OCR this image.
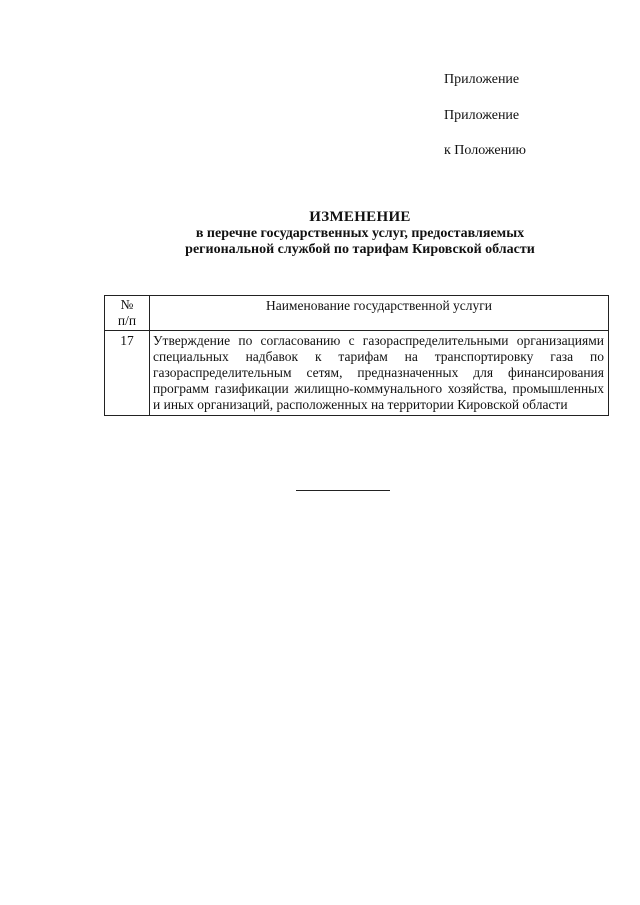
Приложение
Приложение
к Положению
ИЗМЕНЕНИЕ
в перечне государственных услуг, предоставляемых
региональной службой по тарифам Кировской области
№
п/п	Наименование государственной услуги
17	Утверждение по согласованию с газораспределительными организациями специальных надбавок к тарифам на транспортировку газа по газораспределительным сетям, предназначенных для финансирования программ газификации жилищно-коммунального хозяйства, промышленных и иных организаций, расположенных на территории Кировской области
